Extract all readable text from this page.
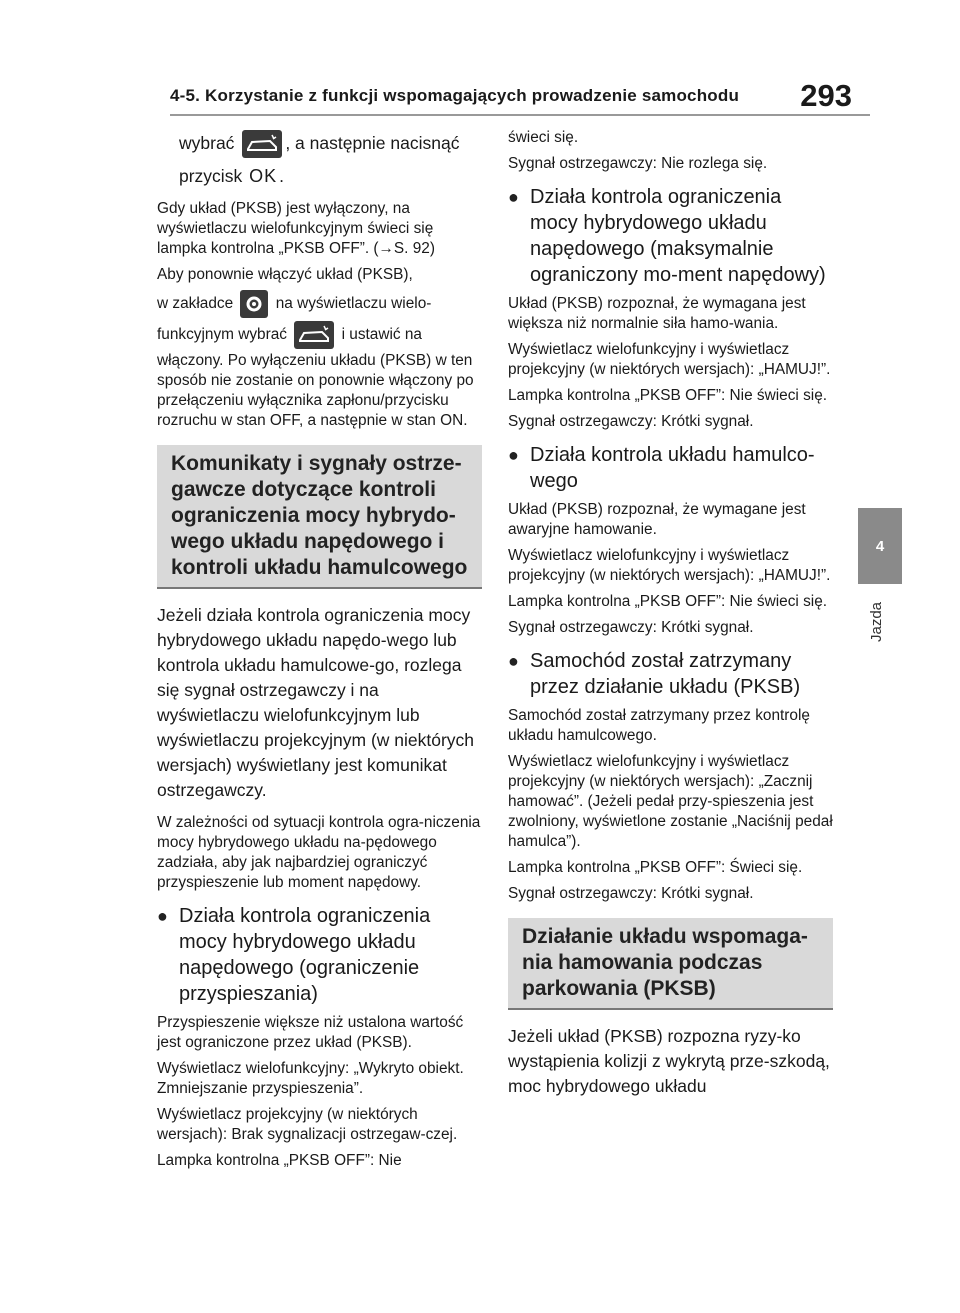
4-5. Korzystanie z funkcji wspomagających prowadzenie samochodu 293
4
Jazda

wybrać	, a następnie nacisnąć

przycisk OK .

Gdy układ (PKSB) jest wyłączony, na wyświetlaczu wielofunkcyjnym świeci się lampka kontrolna „PKSB OFF”. (→S. 92)

Aby ponownie włączyć układ (PKSB),

w zakładce	na wyświetlaczu wielo-

funkcyjnym wybrać	i ustawić na

włączony. Po wyłączeniu układu (PKSB) w ten sposób nie zostanie on ponownie włączony po przełączeniu wyłącznika zapłonu/przycisku rozruchu w stan OFF, a następnie w stan ON.

Komunikaty i sygnały ostrze-gawcze dotyczące kontroli ograniczenia mocy hybrydo-wego układu napędowego i kontroli układu hamulcowego

Jeżeli działa kontrola ograniczenia mocy hybrydowego układu napędo-wego lub kontrola układu hamulcowe-go, rozlega się sygnał ostrzegawczy i na wyświetlaczu wielofunkcyjnym lub wyświetlaczu projekcyjnym (w niektórych wersjach) wyświetlany jest komunikat ostrzegawczy.

W zależności od sytuacji kontrola ogra-niczenia mocy hybrydowego układu na-pędowego zadziała, aby jak najbardziej ograniczyć przyspieszenie lub moment napędowy.

● Działa kontrola ograniczenia mocy hybrydowego układu napędowego (ograniczenie przyspieszania)

Przyspieszenie większe niż ustalona wartość jest ograniczone przez układ (PKSB).

Wyświetlacz wielofunkcyjny: „Wykryto obiekt. Zmniejszanie przyspieszenia”.

Wyświetlacz projekcyjny (w niektórych wersjach): Brak sygnalizacji ostrzegaw-czej.

Lampka kontrolna „PKSB OFF”: Nie

świeci się.

Sygnał ostrzegawczy: Nie rozlega się.

● Działa kontrola ograniczenia mocy hybrydowego układu napędowego (maksymalnie ograniczony mo-ment napędowy)

Układ (PKSB) rozpoznał, że wymagana jest większa niż normalnie siła hamo-wania.

Wyświetlacz wielofunkcyjny i wyświetlacz projekcyjny (w niektórych wersjach): „HAMUJ!”.

Lampka kontrolna „PKSB OFF”: Nie świeci się.

Sygnał ostrzegawczy: Krótki sygnał.

● Działa kontrola układu hamulco-wego

Układ (PKSB) rozpoznał, że wymagane jest awaryjne hamowanie.

Wyświetlacz wielofunkcyjny i wyświetlacz projekcyjny (w niektórych wersjach): „HAMUJ!”.

Lampka kontrolna „PKSB OFF”: Nie świeci się.

Sygnał ostrzegawczy: Krótki sygnał.

● Samochód został zatrzymany przez działanie układu (PKSB)

Samochód został zatrzymany przez kontrolę układu hamulcowego.

Wyświetlacz wielofunkcyjny i wyświetlacz projekcyjny (w niektórych wersjach): „Zacznij hamować”. (Jeżeli pedał przy-spieszenia jest zwolniony, wyświetlone zostanie „Naciśnij pedał hamulca”).

Lampka kontrolna „PKSB OFF”: Świeci się.

Sygnał ostrzegawczy: Krótki sygnał.

Działanie układu wspomaga-nia hamowania podczas parkowania (PKSB)

Jeżeli układ (PKSB) rozpozna ryzy-ko wystąpienia kolizji z wykrytą prze-szkodą, moc hybrydowego układu
